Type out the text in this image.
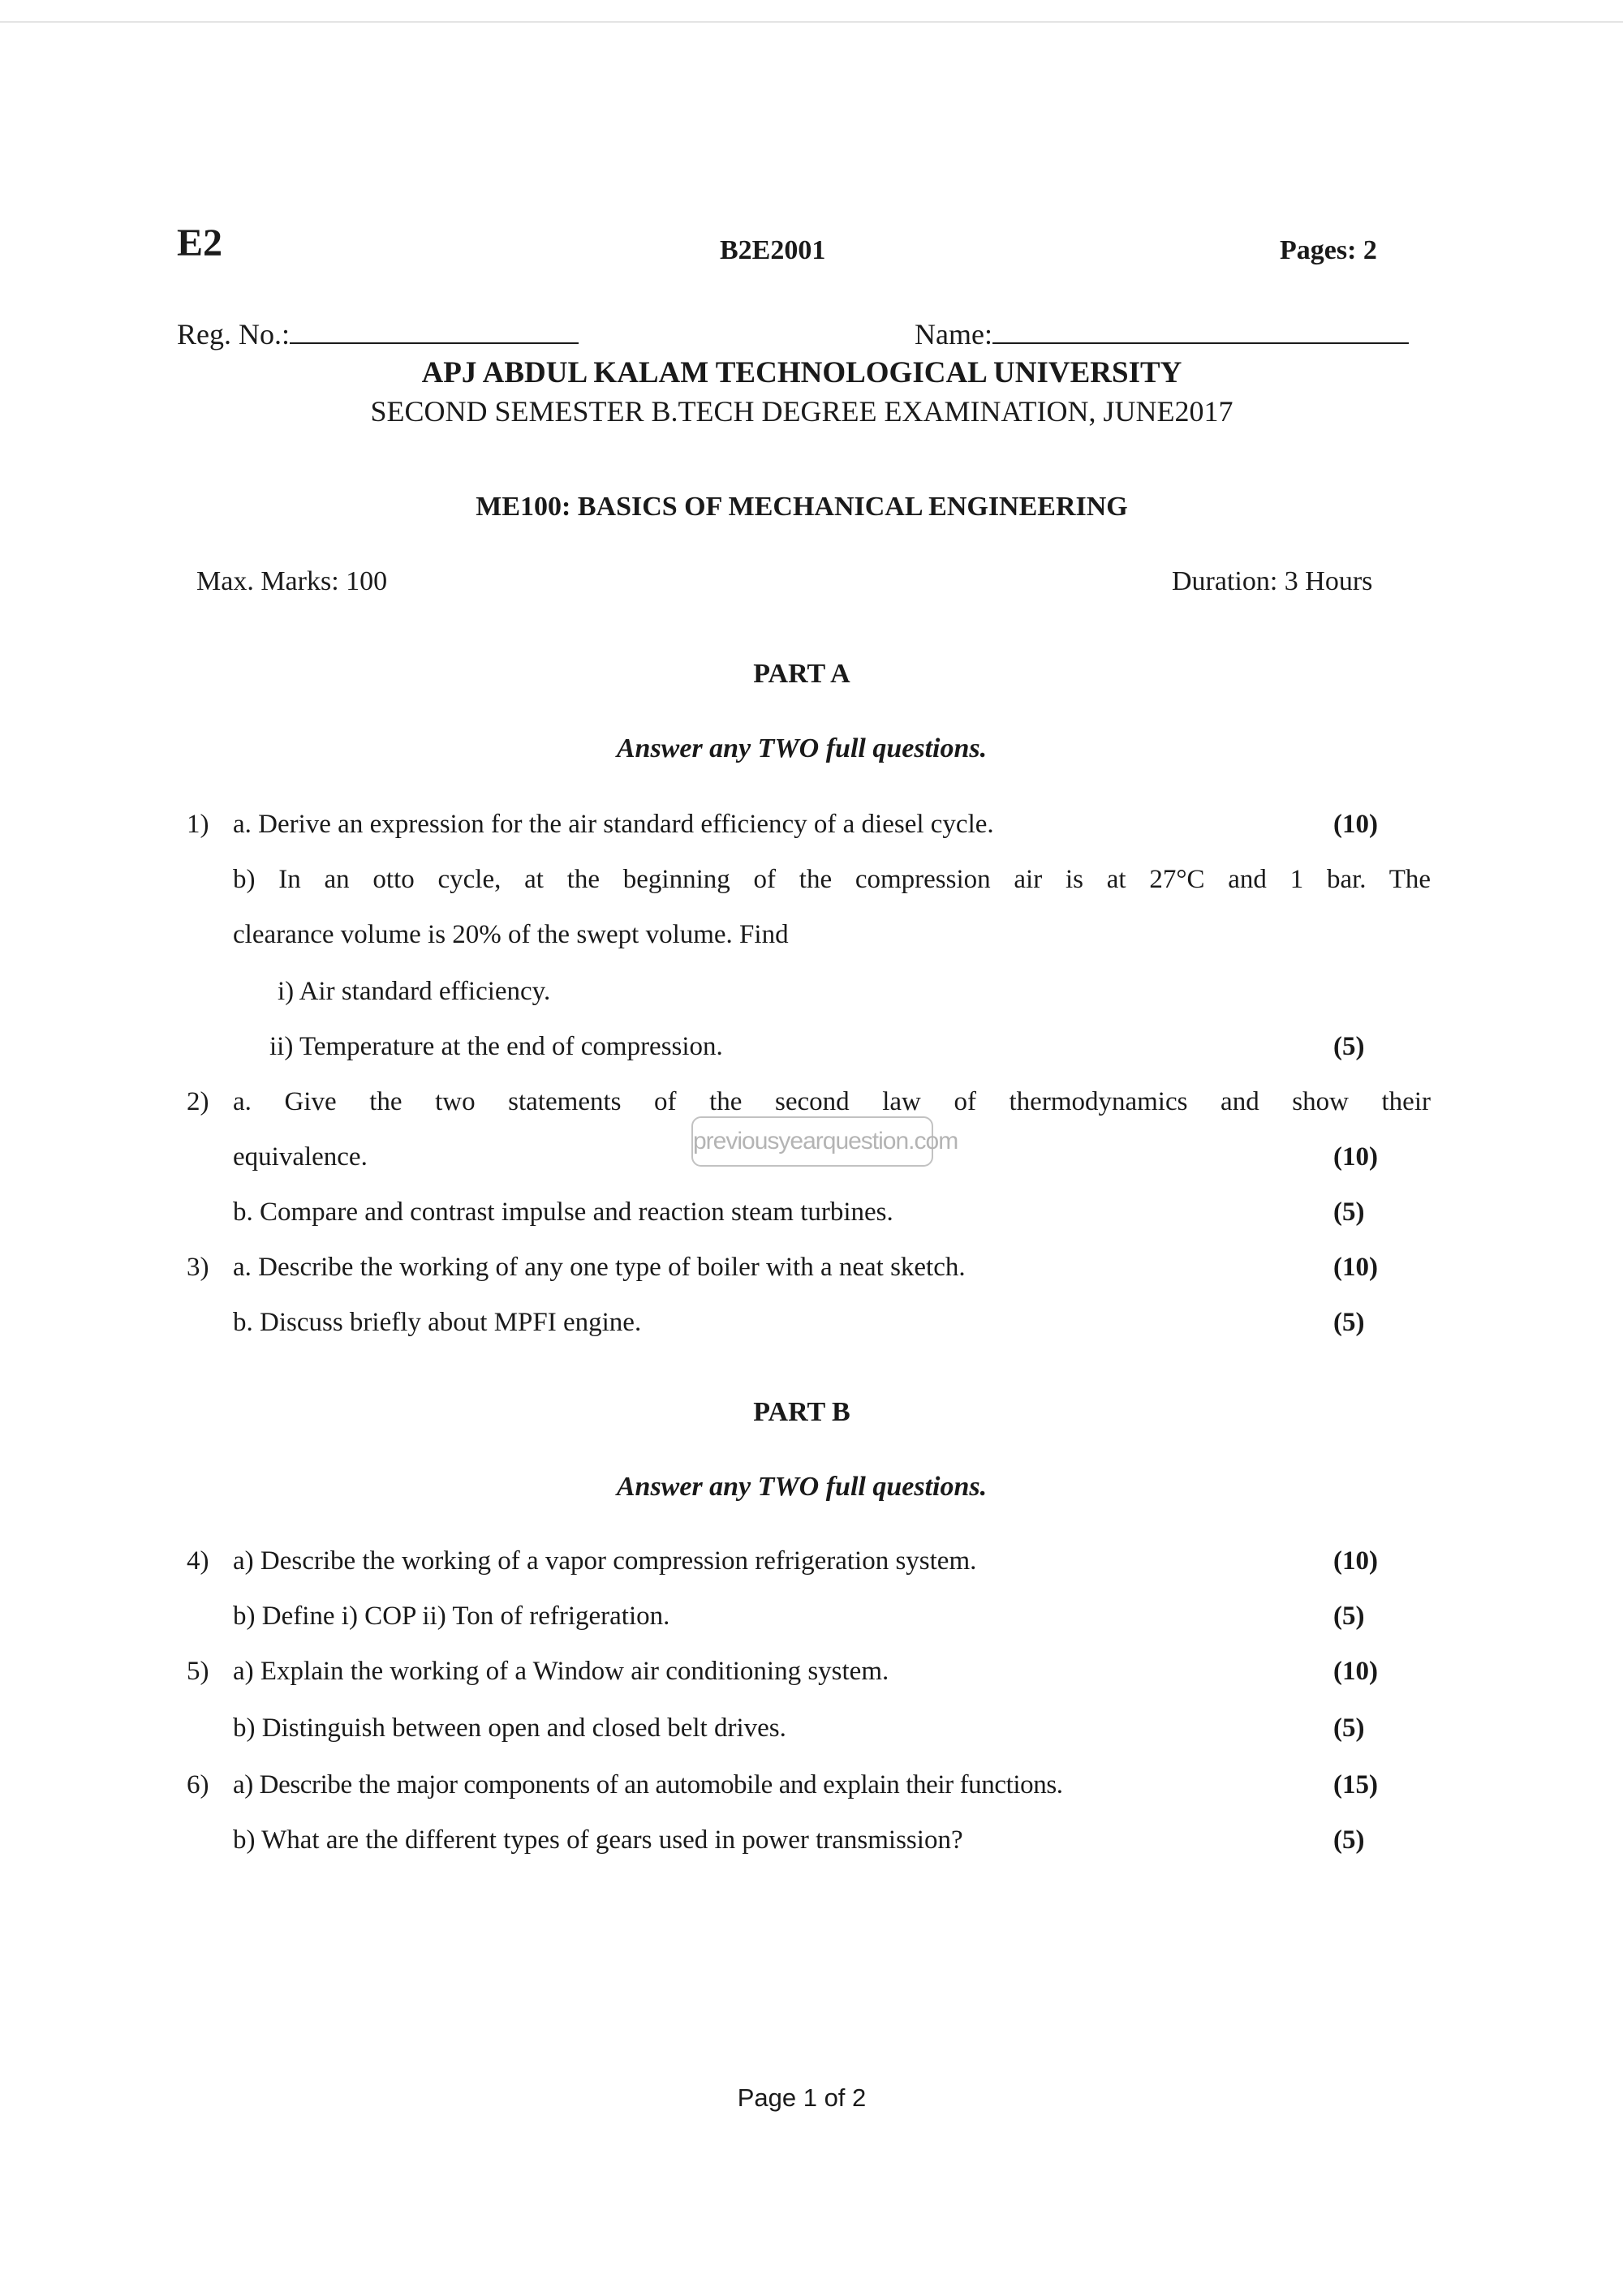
E2	B2E2001	Pages: 2
Reg. No.:	Name:
APJ ABDUL KALAM TECHNOLOGICAL UNIVERSITY
SECOND SEMESTER B.TECH DEGREE EXAMINATION, JUNE2017
ME100: BASICS OF MECHANICAL ENGINEERING
Max. Marks: 100	Duration: 3 Hours
PART A
Answer any TWO full questions.
1) a. Derive an expression for the air standard efficiency of a diesel cycle.	(10)
b) In an otto cycle, at the beginning of the compression air is at 27°C and 1 bar. The
clearance volume is 20% of the swept volume. Find
i) Air standard efficiency.
ii) Temperature at the end of compression.	(5)
2) a. Give the two statements of the second law of thermodynamics and show their
equivalence.	(10)
b. Compare and contrast impulse and reaction steam turbines.	(5)
3) a. Describe the working of any one type of boiler with a neat sketch.	(10)
b. Discuss briefly about MPFI engine.	(5)
previousyearquestion.com
PART B
Answer any TWO full questions.
4) a) Describe the working of a vapor compression refrigeration system.	(10)
b) Define i) COP ii) Ton of refrigeration.	(5)
5) a) Explain the working of a Window air conditioning system.	(10)
b) Distinguish between open and closed belt drives.	(5)
6) a) Describe the major components of an automobile and explain their functions.	(15)
b) What are the different types of gears used in power transmission?	(5)
Page 1 of 2
